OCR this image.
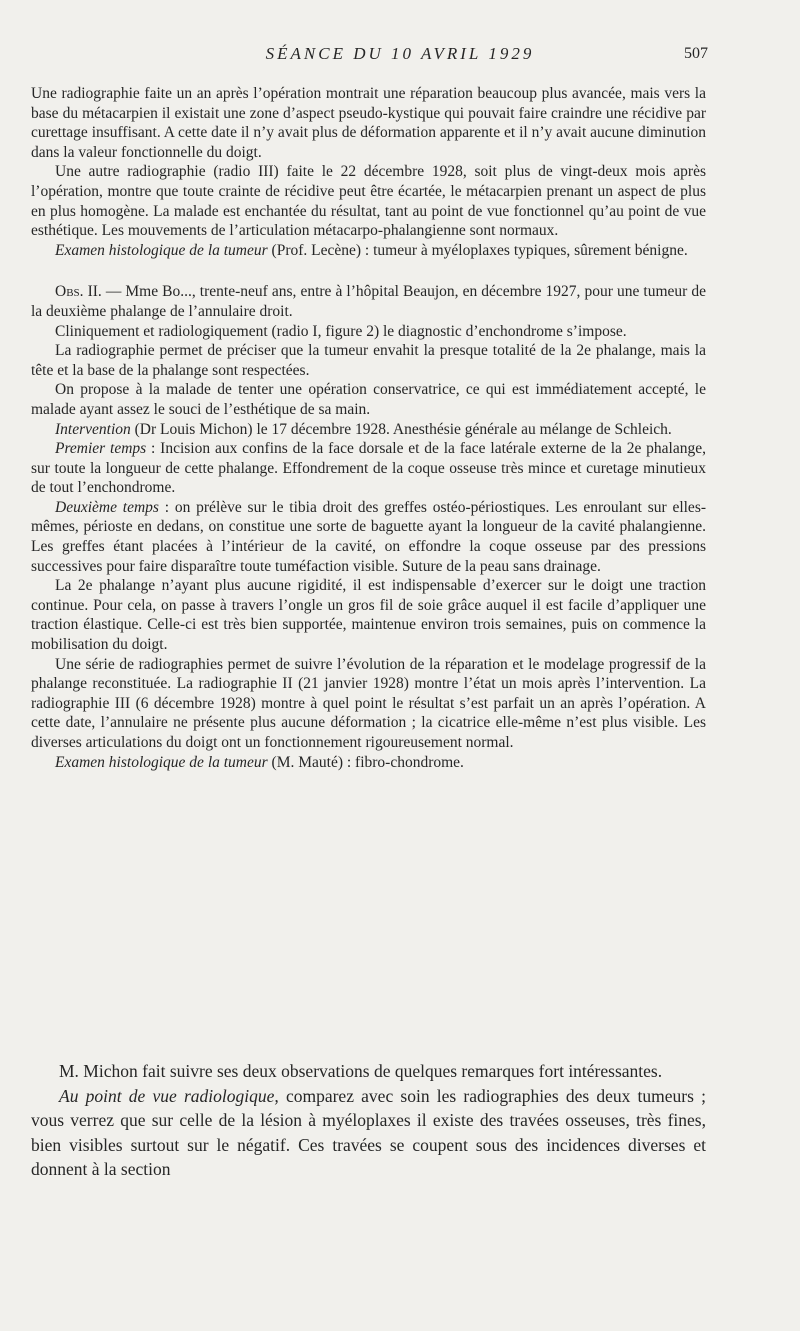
SÉANCE DU 10 AVRIL 1929	507

Une radiographie faite un an après l’opération montrait une réparation beaucoup plus avancée, mais vers la base du métacarpien il existait une zone d’aspect pseudo-kystique qui pouvait faire craindre une récidive par curettage insuffisant. A cette date il n’y avait plus de déformation apparente et il n’y avait aucune diminution dans la valeur fonctionnelle du doigt.

Une autre radiographie (radio III) faite le 22 décembre 1928, soit plus de vingt-deux mois après l’opération, montre que toute crainte de récidive peut être écartée, le métacarpien prenant un aspect de plus en plus homogène. La malade est enchantée du résultat, tant au point de vue fonctionnel qu’au point de vue esthétique. Les mouvements de l’articulation métacarpo-phalangienne sont normaux.

Examen histologique de la tumeur (Prof. Lecène) : tumeur à myéloplaxes typiques, sûrement bénigne.

Obs. II. — Mme Bo..., trente-neuf ans, entre à l’hôpital Beaujon, en décembre 1927, pour une tumeur de la deuxième phalange de l’annulaire droit.

Cliniquement et radiologiquement (radio I, figure 2) le diagnostic d’enchondrome s’impose.

La radiographie permet de préciser que la tumeur envahit la presque totalité de la 2e phalange, mais la tête et la base de la phalange sont respectées.

On propose à la malade de tenter une opération conservatrice, ce qui est immédiatement accepté, le malade ayant assez le souci de l’esthétique de sa main.

Intervention (Dr Louis Michon) le 17 décembre 1928. Anesthésie générale au mélange de Schleich.

Premier temps : Incision aux confins de la face dorsale et de la face latérale externe de la 2e phalange, sur toute la longueur de cette phalange. Effondrement de la coque osseuse très mince et curetage minutieux de tout l’enchondrome.

Deuxième temps : on prélève sur le tibia droit des greffes ostéo-périostiques. Les enroulant sur elles-mêmes, périoste en dedans, on constitue une sorte de baguette ayant la longueur de la cavité phalangienne. Les greffes étant placées à l’intérieur de la cavité, on effondre la coque osseuse par des pressions successives pour faire disparaître toute tuméfaction visible. Suture de la peau sans drainage.

La 2e phalange n’ayant plus aucune rigidité, il est indispensable d’exercer sur le doigt une traction continue. Pour cela, on passe à travers l’ongle un gros fil de soie grâce auquel il est facile d’appliquer une traction élastique. Celle-ci est très bien supportée, maintenue environ trois semaines, puis on commence la mobilisation du doigt.

Une série de radiographies permet de suivre l’évolution de la réparation et le modelage progressif de la phalange reconstituée. La radiographie II (21 janvier 1928) montre l’état un mois après l’intervention. La radiographie III (6 décembre 1928) montre à quel point le résultat s’est parfait un an après l’opération. A cette date, l’annulaire ne présente plus aucune déformation ; la cicatrice elle-même n’est plus visible. Les diverses articulations du doigt ont un fonctionnement rigoureusement normal.

Examen histologique de la tumeur (M. Mauté) : fibro-chondrome.

M. Michon fait suivre ses deux observations de quelques remarques fort intéressantes.

Au point de vue radiologique, comparez avec soin les radiographies des deux tumeurs ; vous verrez que sur celle de la lésion à myéloplaxes il existe des travées osseuses, très fines, bien visibles surtout sur le négatif. Ces travées se coupent sous des incidences diverses et donnent à la section
